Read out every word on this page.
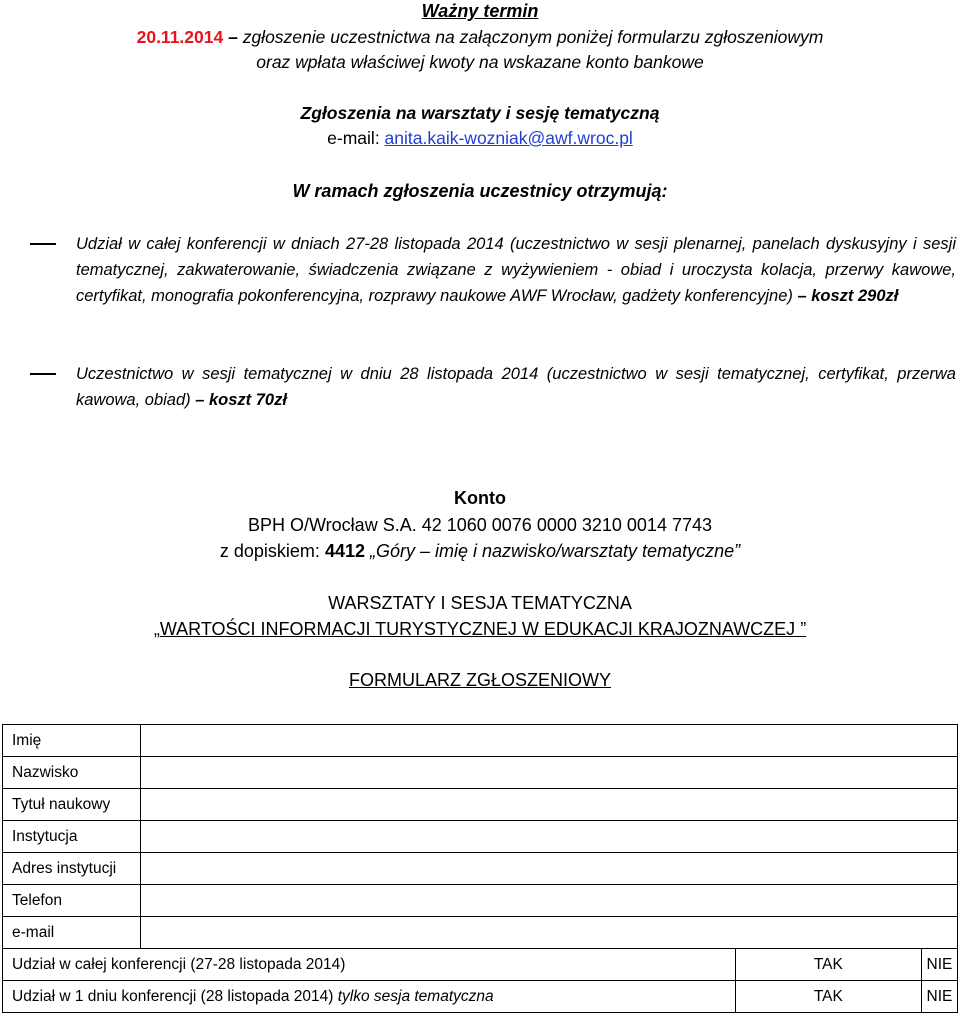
Ważny termin
20.11.2014 – zgłoszenie uczestnictwa na załączonym poniżej formularzu zgłoszeniowym
oraz wpłata właściwej kwoty na wskazane konto bankowe
Zgłoszenia na warsztaty i sesję tematyczną
e-mail: anita.kaik-wozniak@awf.wroc.pl
W ramach zgłoszenia uczestnicy otrzymują:
Udział w całej konferencji w dniach 27-28 listopada 2014 (uczestnictwo w sesji plenarnej, panelach dyskusyjny i sesji tematycznej, zakwaterowanie, świadczenia związane z wyżywieniem - obiad i uroczysta kolacja, przerwy kawowe, certyfikat, monografia pokonferencyjna, rozprawy naukowe AWF Wrocław, gadżety konferencyjne) – koszt 290zł
Uczestnictwo w sesji tematycznej w dniu 28 listopada 2014 (uczestnictwo w sesji tematycznej, certyfikat, przerwa kawowa, obiad) – koszt 70zł
Konto
BPH O/Wrocław S.A. 42 1060 0076 0000 3210 0014 7743
z dopiskiem: 4412 „Góry – imię i nazwisko/warsztaty tematyczne”
WARSZTATY I SESJA TEMATYCZNA
„WARTOŚCI INFORMACJI TURYSTYCZNEJ W EDUKACJI KRAJOZNAWCZEJ ”
FORMULARZ ZGŁOSZENIOWY
Imię			
Nazwisko			
Tytuł naukowy			
Instytucja			
Adres instytucji			
Telefon			
e-mail			
Udział w całej konferencji (27-28 listopada 2014)		TAK	NIE
Udział w 1 dniu konferencji (28 listopada 2014) tylko sesja tematyczna		TAK	NIE
